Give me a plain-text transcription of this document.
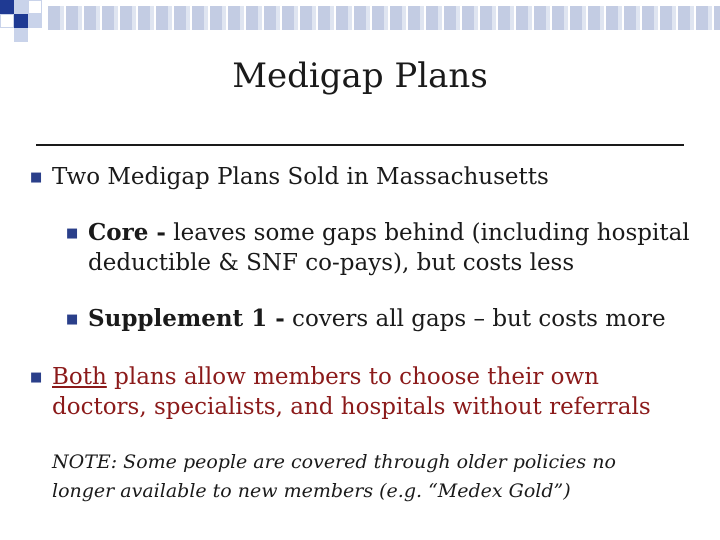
Medigap Plans
■ Two Medigap Plans Sold in Massachusetts
■ Core - leaves some gaps behind (including hospital deductible & SNF co-pays), but costs less
■ Supplement 1 - covers all gaps – but costs more
■ Both plans allow members to choose their own doctors, specialists, and hospitals without referrals
NOTE: Some people are covered through older policies no longer available to new members (e.g. “Medex Gold”)
